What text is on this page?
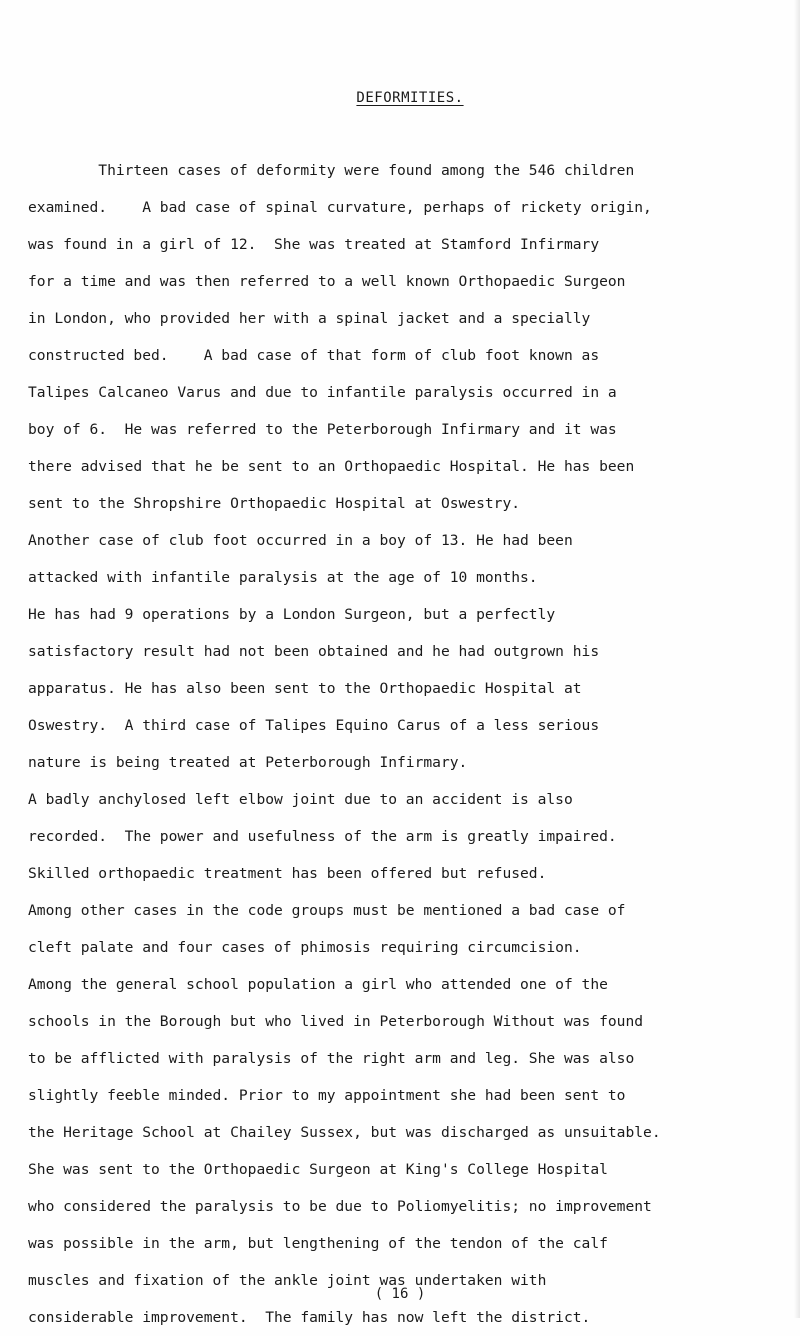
DEFORMITIES.
Thirteen cases of deformity were found among the 546 children
examined.    A bad case of spinal curvature, perhaps of rickety origin,
was found in a girl of 12.  She was treated at Stamford Infirmary
for a time and was then referred to a well known Orthopaedic Surgeon
in London, who provided her with a spinal jacket and a specially
constructed bed.    A bad case of that form of club foot known as
Talipes Calcaneo Varus and due to infantile paralysis occurred in a
boy of 6.  He was referred to the Peterborough Infirmary and it was
there advised that he be sent to an Orthopaedic Hospital. He has been
sent to the Shropshire Orthopaedic Hospital at Oswestry.
Another case of club foot occurred in a boy of 13. He had been
attacked with infantile paralysis at the age of 10 months.
He has had 9 operations by a London Surgeon, but a perfectly
satisfactory result had not been obtained and he had outgrown his
apparatus. He has also been sent to the Orthopaedic Hospital at
Oswestry.  A third case of Talipes Equino Carus of a less serious
nature is being treated at Peterborough Infirmary.
A badly anchylosed left elbow joint due to an accident is also
recorded.  The power and usefulness of the arm is greatly impaired.
Skilled orthopaedic treatment has been offered but refused.
Among other cases in the code groups must be mentioned a bad case of
cleft palate and four cases of phimosis requiring circumcision.
Among the general school population a girl who attended one of the
schools in the Borough but who lived in Peterborough Without was found
to be afflicted with paralysis of the right arm and leg. She was also
slightly feeble minded. Prior to my appointment she had been sent to
the Heritage School at Chailey Sussex, but was discharged as unsuitable.
She was sent to the Orthopaedic Surgeon at King's College Hospital
who considered the paralysis to be due to Poliomyelitis; no improvement
was possible in the arm, but lengthening of the tendon of the calf
muscles and fixation of the ankle joint was undertaken with
considerable improvement.  The family has now left the district.
( 16 )
